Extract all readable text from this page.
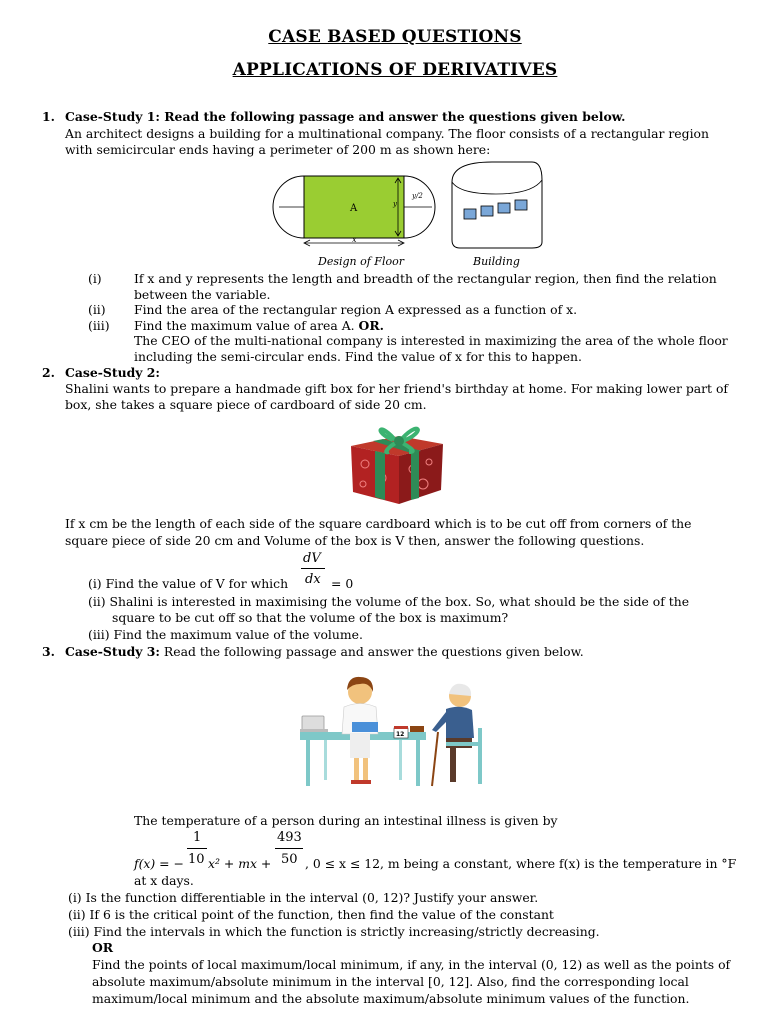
CASE BASED QUESTIONS
APPLICATIONS OF DERIVATIVES
1. Case-Study 1: Read the following passage and answer the questions given below.
An architect designs a building for a multinational company. The floor consists of a rectangular region
with semicircular ends having a perimeter of 200 m as shown here:
A
x
y
y/2
Design of Floor	Building
(i)	If x and y represents the length and breadth of the rectangular region, then find the relation
between the variable.
(ii) Find the area of the rectangular region A expressed as a function of x.
(iii) Find the maximum value of area A. OR.
The CEO of the multi-national company is interested in maximizing the area of the whole floor
including the semi-circular ends. Find the value of x for this to happen.
2. Case-Study 2:
Shalini wants to prepare a handmade gift box for her friend's birthday at home. For making lower part of
box, she takes a square piece of cardboard of side 20 cm.
If x cm be the length of each side of the square cardboard which is to be cut off from corners of the
square piece of side 20 cm and Volume of the box is V then, answer the following questions.
(i) Find the value of V for which
dV
dx = 0
(ii) Shalini is interested in maximising the volume of the box. So, what should be the side of the
square to be cut off so that the volume of the box is maximum?
(iii) Find the maximum value of the volume.
3. Case-Study 3: Read the following passage and answer the questions given below.
12
The temperature of a person during an intestinal illness is given by
1
10
493
50
f(x) = − x² + mx +	, 0 ≤ x ≤ 12, m being a constant, where f(x) is the temperature in °F
at x days.
(i) Is the function differentiable in the interval (0, 12)? Justify your answer.
(ii) If 6 is the critical point of the function, then find the value of the constant
(iii) Find the intervals in which the function is strictly increasing/strictly decreasing.
OR
Find the points of local maximum/local minimum, if any, in the interval (0, 12) as well as the points of
absolute maximum/absolute minimum in the interval [0, 12]. Also, find the corresponding local
maximum/local minimum and the absolute maximum/absolute minimum values of the function.
